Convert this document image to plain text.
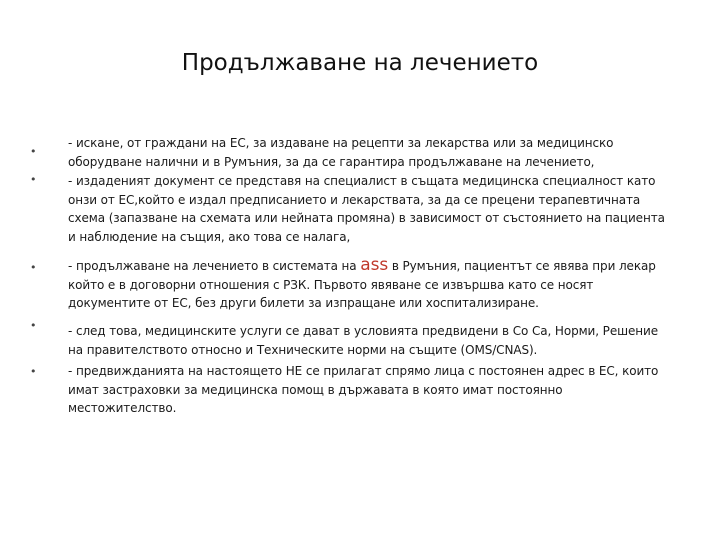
Продължаване на лечението
•
•
•
•
•

- искане, от граждани на ЕС, за издаване на рецепти за лекарства или за медицинско оборудване налични и в Румъния, за да се гарантира продължаване на лечението,

- издаденият документ се представя на специалист в същата медицинска специалност като онзи от ЕС,който е издал предписанието и лекарствата, за да се прецени терапевтичната схема (запазване на схемата или нейната промяна) в зависимост от състоянието на пациента и наблюдение на същия, ако това се налага,

- продължаване на лечението в системата на ass в Румъния, пациентът се явява при лекар който е в договорни отношения с РЗК. Първото явяване се извършва като се носят документите от ЕС, без други билети за изпращане или хоспитализиране.

- след това, медицинските услуги се дават в условията предвидени в Со Са, Норми, Решение на правителството относно и Техническите норми на същите (OMS/CNAS).

- предвижданията на настоящето НЕ се прилагат спрямо лица с постоянен адрес в ЕС, които имат застраховки за медицинска помощ в държавата в която имат постоянно местожителство.
